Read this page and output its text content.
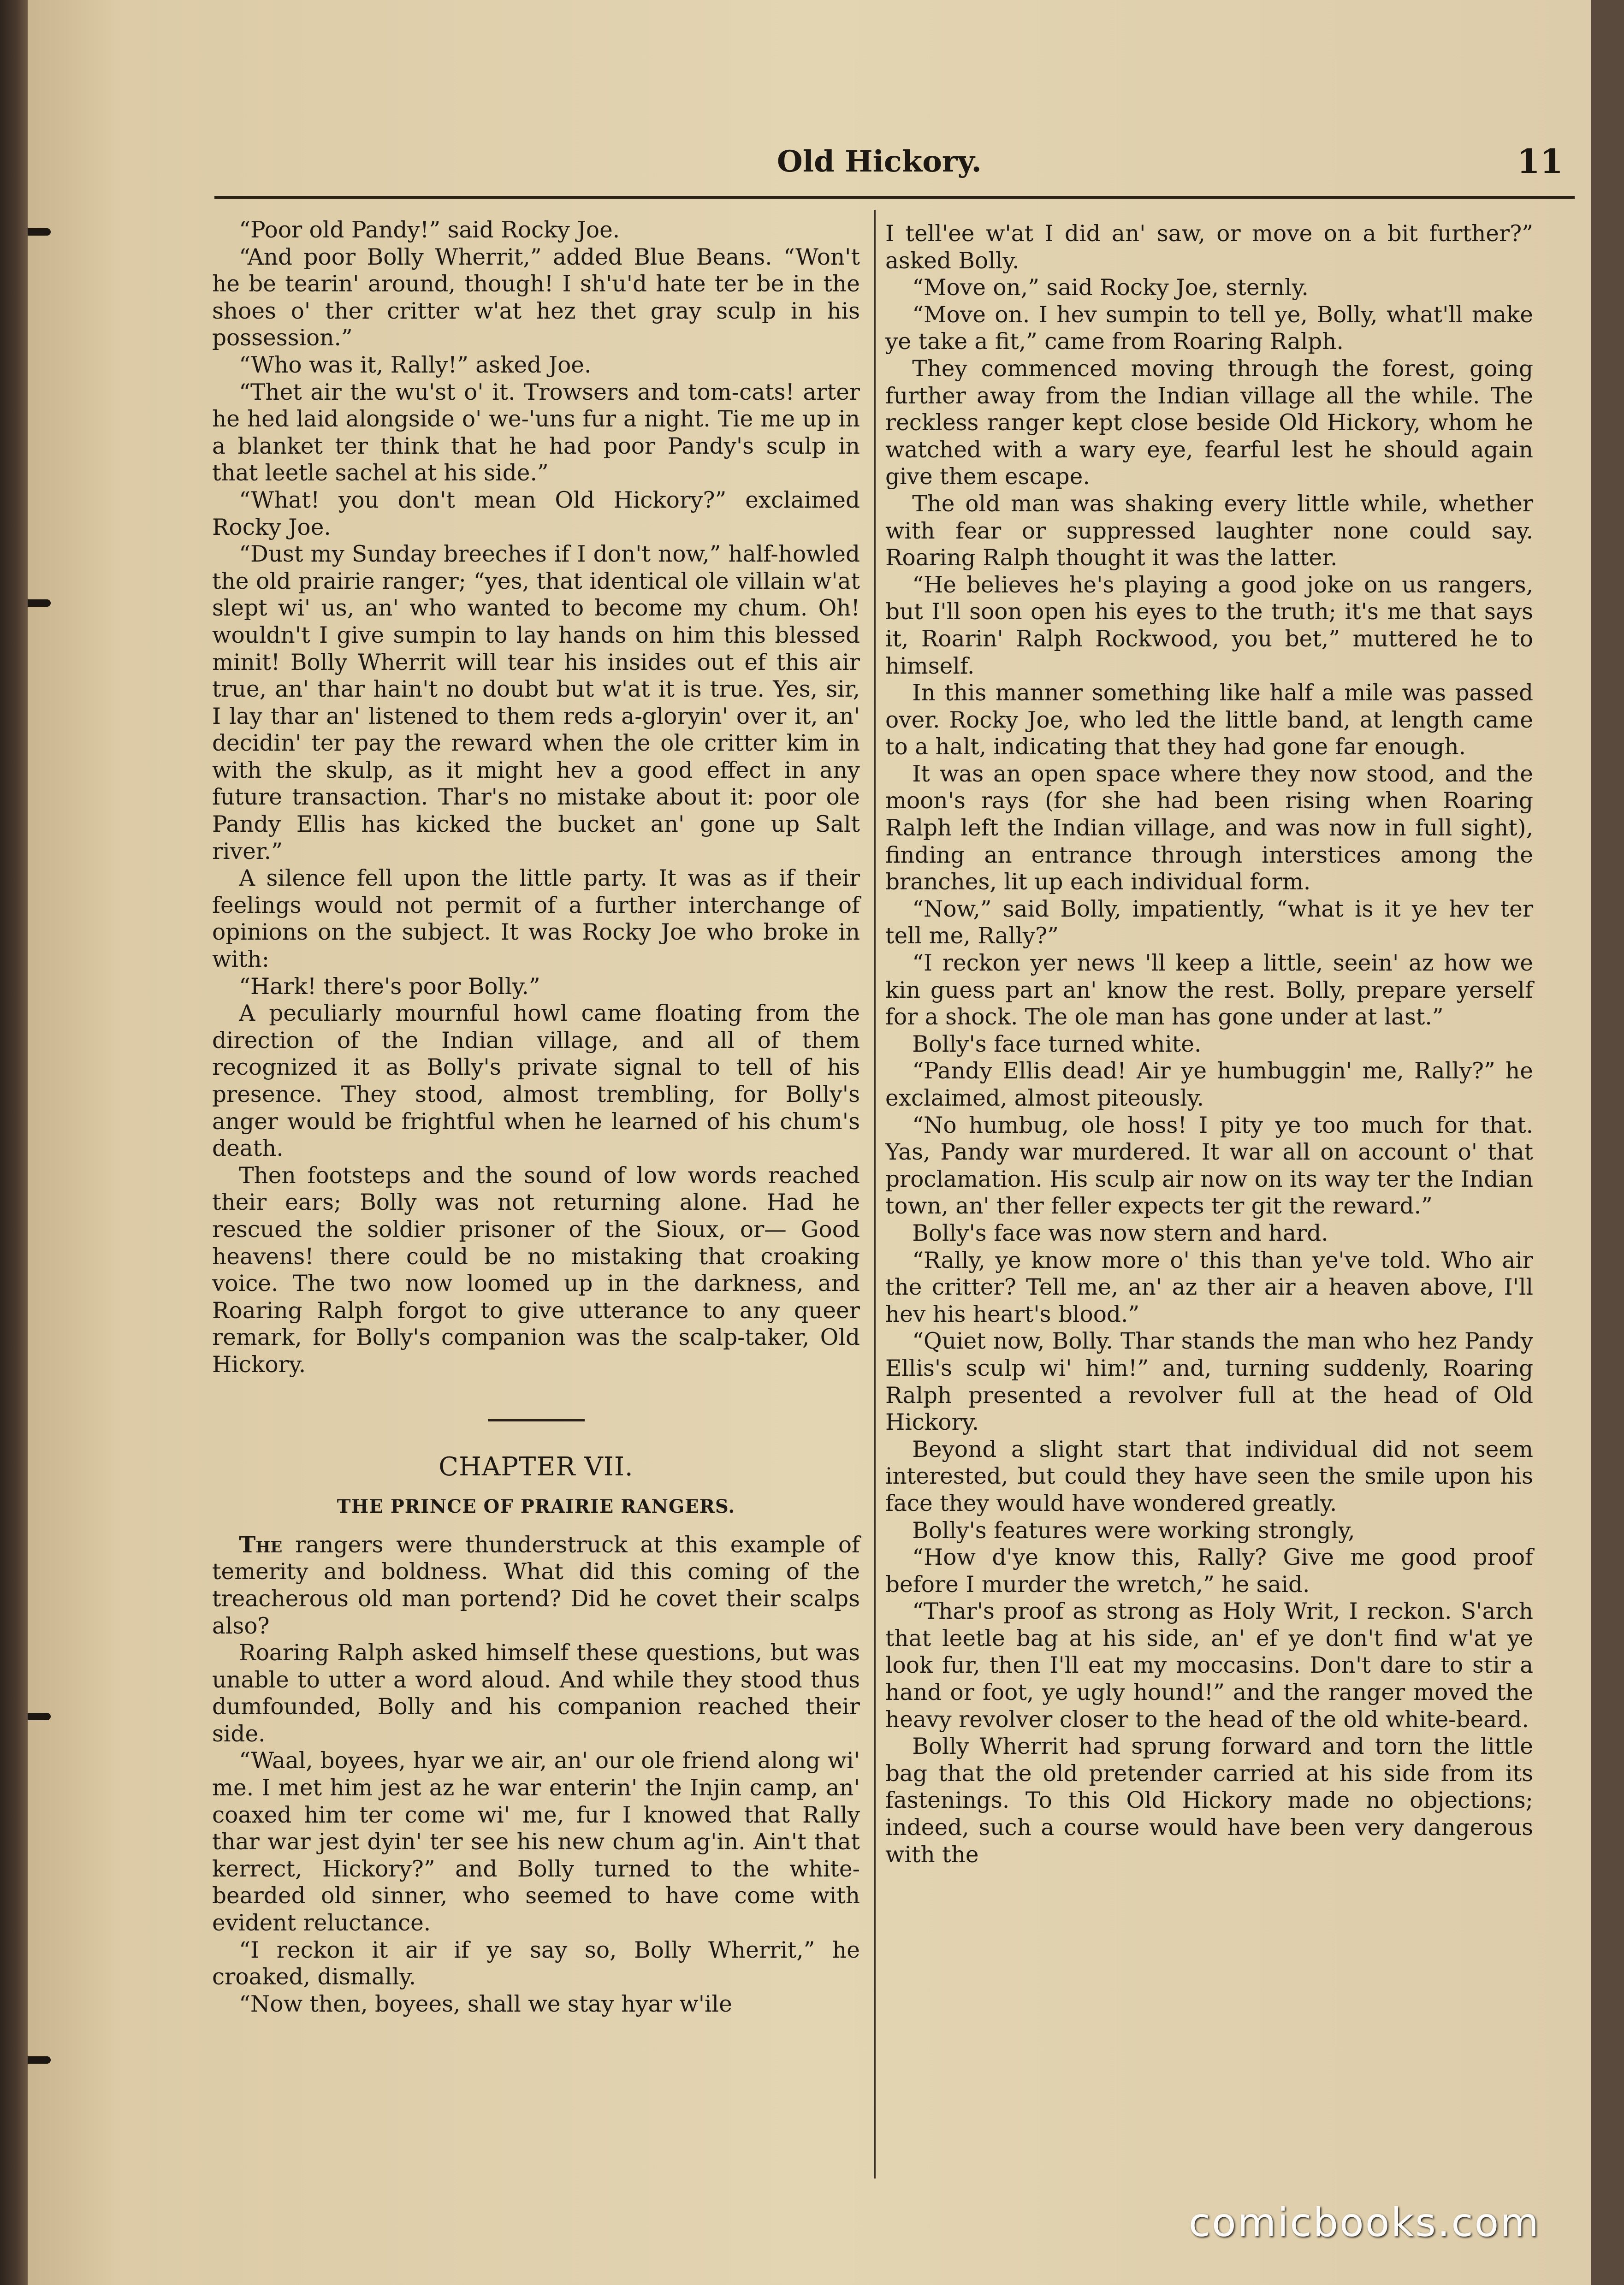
Old Hickory.	11

“Poor old Pandy!” said Rocky Joe.

“And poor Bolly Wherrit,” added Blue Beans. “Won't he be tearin' around, though! I sh'u'd hate ter be in the shoes o' ther critter w'at hez thet gray sculp in his possession.”

“Who was it, Rally!” asked Joe.

“Thet air the wu'st o' it. Trowsers and tom-cats! arter he hed laid alongside o' we-'uns fur a night. Tie me up in a blanket ter think that he had poor Pandy's sculp in that leetle sachel at his side.”

“What! you don't mean Old Hickory?” exclaimed Rocky Joe.

“Dust my Sunday breeches if I don't now,” half-howled the old prairie ranger; “yes, that identical ole villain w'at slept wi' us, an' who wanted to become my chum. Oh! wouldn't I give sumpin to lay hands on him this blessed minit! Bolly Wherrit will tear his insides out ef this air true, an' thar hain't no doubt but w'at it is true. Yes, sir, I lay thar an' listened to them reds a-gloryin' over it, an' decidin' ter pay the reward when the ole critter kim in with the skulp, as it might hev a good effect in any future transaction. Thar's no mistake about it: poor ole Pandy Ellis has kicked the bucket an' gone up Salt river.”

A silence fell upon the little party. It was as if their feelings would not permit of a further interchange of opinions on the subject. It was Rocky Joe who broke in with:

“Hark! there's poor Bolly.”

A peculiarly mournful howl came floating from the direction of the Indian village, and all of them recognized it as Bolly's private signal to tell of his presence. They stood, almost trembling, for Bolly's anger would be frightful when he learned of his chum's death.

Then footsteps and the sound of low words reached their ears; Bolly was not returning alone. Had he rescued the soldier prisoner of the Sioux, or— Good heavens! there could be no mistaking that croaking voice. The two now loomed up in the darkness, and Roaring Ralph forgot to give utterance to any queer remark, for Bolly's companion was the scalp-taker, Old Hickory.

CHAPTER VII.
THE PRINCE OF PRAIRIE RANGERS.

The rangers were thunderstruck at this example of temerity and boldness. What did this coming of the treacherous old man portend? Did he covet their scalps also?

Roaring Ralph asked himself these questions, but was unable to utter a word aloud. And while they stood thus dumfounded, Bolly and his companion reached their side.

“Waal, boyees, hyar we air, an' our ole friend along wi' me. I met him jest az he war enterin' the Injin camp, an' coaxed him ter come wi' me, fur I knowed that Rally thar war jest dyin' ter see his new chum ag'in. Ain't that kerrect, Hickory?” and Bolly turned to the white-bearded old sinner, who seemed to have come with evident reluctance.

“I reckon it air if ye say so, Bolly Wherrit,” he croaked, dismally.

“Now then, boyees, shall we stay hyar w'ile

I tell'ee w'at I did an' saw, or move on a bit further?” asked Bolly.

“Move on,” said Rocky Joe, sternly.

“Move on. I hev sumpin to tell ye, Bolly, what'll make ye take a fit,” came from Roaring Ralph.

They commenced moving through the forest, going further away from the Indian village all the while. The reckless ranger kept close beside Old Hickory, whom he watched with a wary eye, fearful lest he should again give them escape.

The old man was shaking every little while, whether with fear or suppressed laughter none could say. Roaring Ralph thought it was the latter.

“He believes he's playing a good joke on us rangers, but I'll soon open his eyes to the truth; it's me that says it, Roarin' Ralph Rockwood, you bet,” muttered he to himself.

In this manner something like half a mile was passed over. Rocky Joe, who led the little band, at length came to a halt, indicating that they had gone far enough.

It was an open space where they now stood, and the moon's rays (for she had been rising when Roaring Ralph left the Indian village, and was now in full sight), finding an entrance through interstices among the branches, lit up each individual form.

“Now,” said Bolly, impatiently, “what is it ye hev ter tell me, Rally?”

“I reckon yer news 'll keep a little, seein' az how we kin guess part an' know the rest. Bolly, prepare yerself for a shock. The ole man has gone under at last.”

Bolly's face turned white.

“Pandy Ellis dead! Air ye humbuggin' me, Rally?” he exclaimed, almost piteously.

“No humbug, ole hoss! I pity ye too much for that. Yas, Pandy war murdered. It war all on account o' that proclamation. His sculp air now on its way ter the Indian town, an' ther feller expects ter git the reward.”

Bolly's face was now stern and hard.

“Rally, ye know more o' this than ye've told. Who air the critter? Tell me, an' az ther air a heaven above, I'll hev his heart's blood.”

“Quiet now, Bolly. Thar stands the man who hez Pandy Ellis's sculp wi' him!” and, turning suddenly, Roaring Ralph presented a revolver full at the head of Old Hickory.

Beyond a slight start that individual did not seem interested, but could they have seen the smile upon his face they would have wondered greatly.

Bolly's features were working strongly,

“How d'ye know this, Rally? Give me good proof before I murder the wretch,” he said.

“Thar's proof as strong as Holy Writ, I reckon. S'arch that leetle bag at his side, an' ef ye don't find w'at ye look fur, then I'll eat my moccasins. Don't dare to stir a hand or foot, ye ugly hound!” and the ranger moved the heavy revolver closer to the head of the old white-beard.

Bolly Wherrit had sprung forward and torn the little bag that the old pretender carried at his side from its fastenings. To this Old Hickory made no objections; indeed, such a course would have been very dangerous with the

comicbooks.com
